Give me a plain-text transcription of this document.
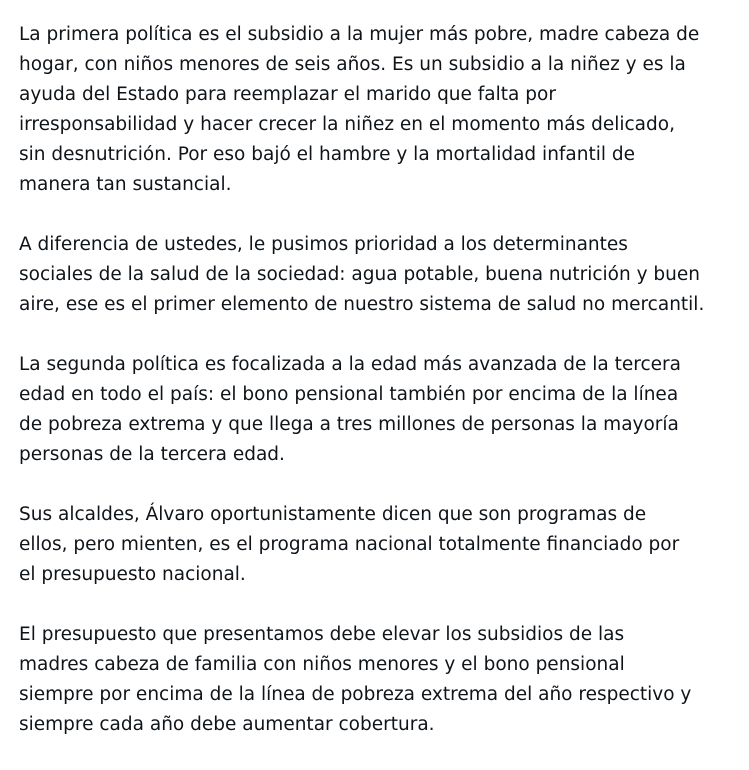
La primera política es el subsidio a la mujer más pobre, madre cabeza de
hogar, con niños menores de seis años. Es un subsidio a la niñez y es la
ayuda del Estado para reemplazar el marido que falta por
irresponsabilidad y hacer crecer la niñez en el momento más delicado,
sin desnutrición. Por eso bajó el hambre y la mortalidad infantil de
manera tan sustancial.

A diferencia de ustedes, le pusimos prioridad a los determinantes
sociales de la salud de la sociedad: agua potable, buena nutrición y buen
aire, ese es el primer elemento de nuestro sistema de salud no mercantil.

La segunda política es focalizada a la edad más avanzada de la tercera
edad en todo el país: el bono pensional también por encima de la línea
de pobreza extrema y que llega a tres millones de personas la mayoría
personas de la tercera edad.

Sus alcaldes, Álvaro oportunistamente dicen que son programas de
ellos, pero mienten, es el programa nacional totalmente financiado por
el presupuesto nacional.

El presupuesto que presentamos debe elevar los subsidios de las
madres cabeza de familia con niños menores y el bono pensional
siempre por encima de la línea de pobreza extrema del año respectivo y
siempre cada año debe aumentar cobertura.
